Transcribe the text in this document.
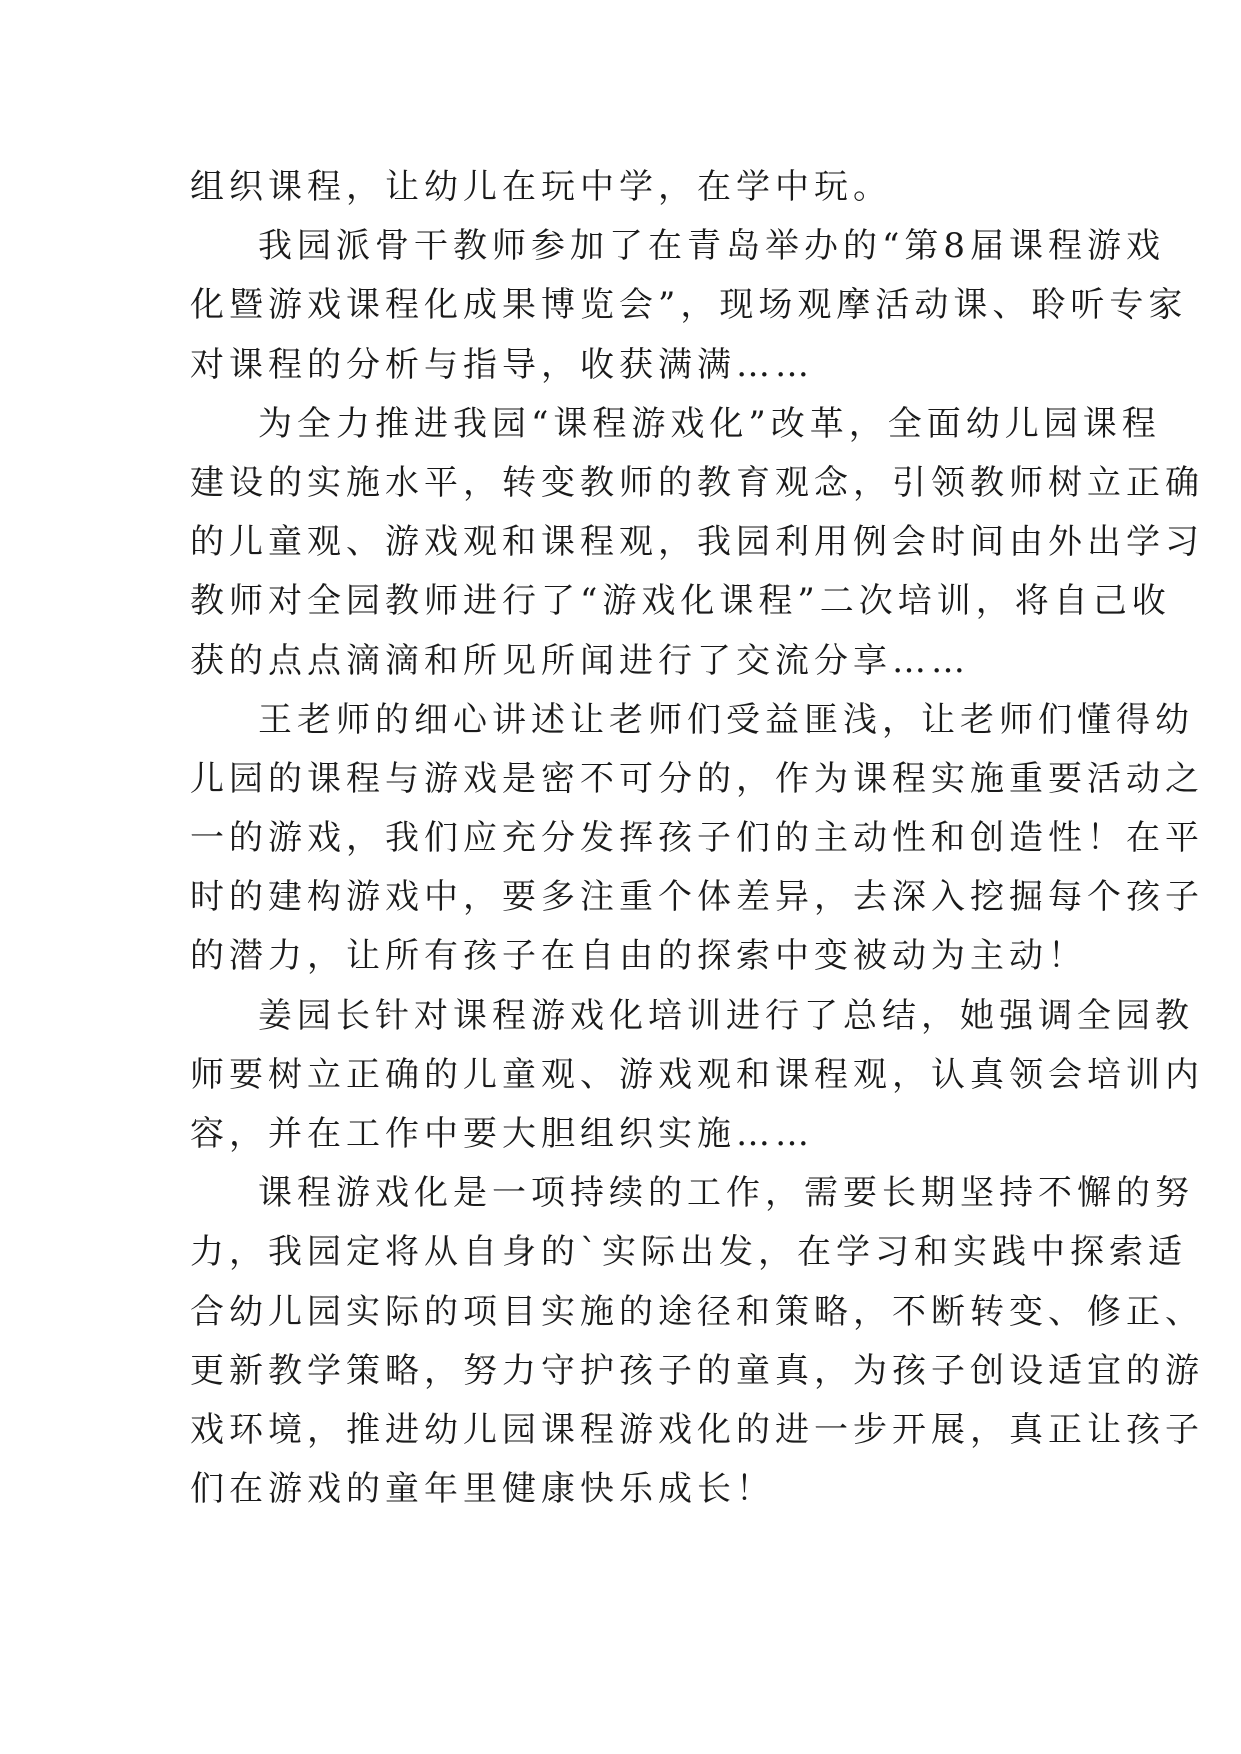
组织课程，让幼儿在玩中学，在学中玩。
我园派骨干教师参加了在青岛举办的“第8届课程游戏
化暨游戏课程化成果博览会”，现场观摩活动课、聆听专家
对课程的分析与指导，收获满满……
为全力推进我园“课程游戏化”改革，全面幼儿园课程
建设的实施水平，转变教师的教育观念，引领教师树立正确
的儿童观、游戏观和课程观，我园利用例会时间由外出学习
教师对全园教师进行了“游戏化课程”二次培训，将自己收
获的点点滴滴和所见所闻进行了交流分享……
王老师的细心讲述让老师们受益匪浅，让老师们懂得幼
儿园的课程与游戏是密不可分的，作为课程实施重要活动之
一的游戏，我们应充分发挥孩子们的主动性和创造性！在平
时的建构游戏中，要多注重个体差异，去深入挖掘每个孩子
的潜力，让所有孩子在自由的探索中变被动为主动！
姜园长针对课程游戏化培训进行了总结，她强调全园教
师要树立正确的儿童观、游戏观和课程观，认真领会培训内
容，并在工作中要大胆组织实施……
课程游戏化是一项持续的工作，需要长期坚持不懈的努
力，我园定将从自身的`实际出发，在学习和实践中探索适
合幼儿园实际的项目实施的途径和策略，不断转变、修正、
更新教学策略，努力守护孩子的童真，为孩子创设适宜的游
戏环境，推进幼儿园课程游戏化的进一步开展，真正让孩子
们在游戏的童年里健康快乐成长！
